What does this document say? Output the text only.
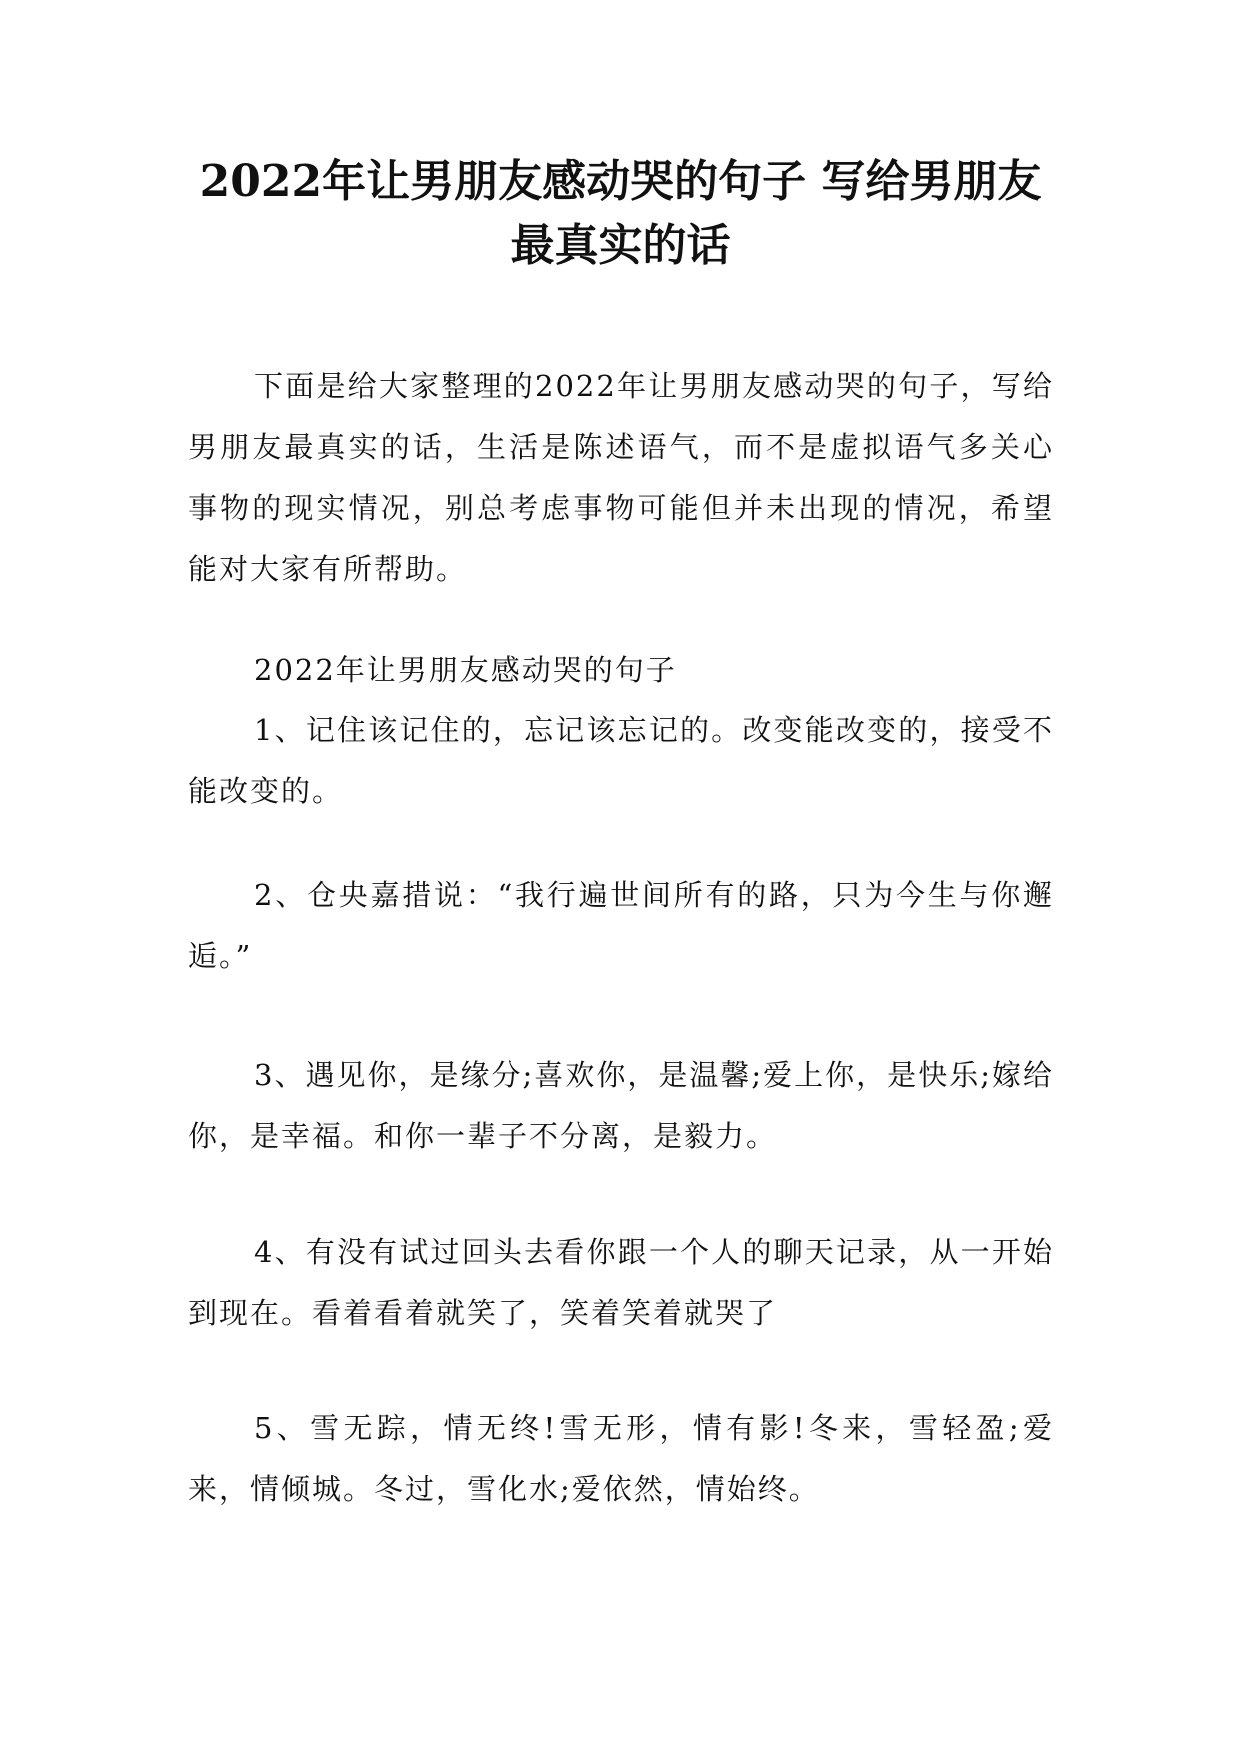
2022年让男朋友感动哭的句子 写给男朋友最真实的话

下面是给大家整理的2022年让男朋友感动哭的句子，写给男朋友最真实的话，生活是陈述语气，而不是虚拟语气多关心事物的现实情况，别总考虑事物可能但并未出现的情况，希望能对大家有所帮助。

2022年让男朋友感动哭的句子

1、记住该记住的，忘记该忘记的。改变能改变的，接受不能改变的。

2、仓央嘉措说：“我行遍世间所有的路，只为今生与你邂逅。”

3、遇见你，是缘分;喜欢你，是温馨;爱上你，是快乐;嫁给你，是幸福。和你一辈子不分离，是毅力。

4、有没有试过回头去看你跟一个人的聊天记录，从一开始到现在。看着看着就笑了，笑着笑着就哭了

5、雪无踪，情无终!雪无形，情有影!冬来，雪轻盈;爱来，情倾城。冬过，雪化水;爱依然，情始终。
